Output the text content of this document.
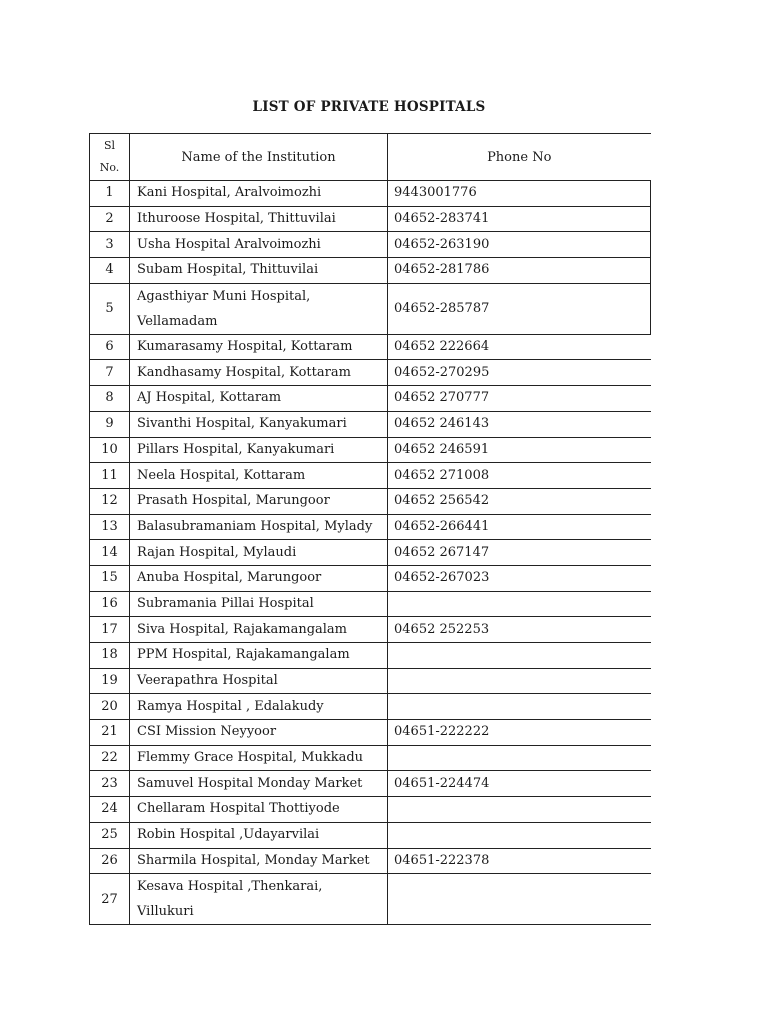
LIST OF PRIVATE HOSPITALS
Sl
No.	Name of the Institution	Phone No
1	Kani Hospital, Aralvoimozhi	9443001776
2	Ithuroose Hospital, Thittuvilai	04652-283741
3	Usha Hospital Aralvoimozhi	04652-263190
4	Subam Hospital, Thittuvilai	04652-281786
5	Agasthiyar Muni Hospital, Vellamadam	04652-285787
6	Kumarasamy Hospital, Kottaram	04652 222664
7	Kandhasamy Hospital, Kottaram	04652-270295
8	AJ Hospital, Kottaram	04652 270777
9	Sivanthi Hospital, Kanyakumari	04652 246143
10	Pillars Hospital, Kanyakumari	04652 246591
11	Neela Hospital, Kottaram	04652 271008
12	Prasath Hospital, Marungoor	04652 256542
13	Balasubramaniam Hospital, Mylady	04652-266441
14	Rajan Hospital, Mylaudi	04652 267147
15	Anuba Hospital, Marungoor	04652-267023
16	Subramania Pillai Hospital	
17	Siva Hospital, Rajakamangalam	04652 252253
18	PPM Hospital, Rajakamangalam	
19	Veerapathra Hospital	
20	Ramya Hospital , Edalakudy	
21	CSI Mission Neyyoor	04651-222222
22	Flemmy Grace Hospital, Mukkadu	
23	Samuvel Hospital Monday Market	04651-224474
24	Chellaram Hospital Thottiyode	
25	Robin Hospital ,Udayarvilai	
26	Sharmila Hospital, Monday Market	04651-222378
27	Kesava Hospital ,Thenkarai, Villukuri	
